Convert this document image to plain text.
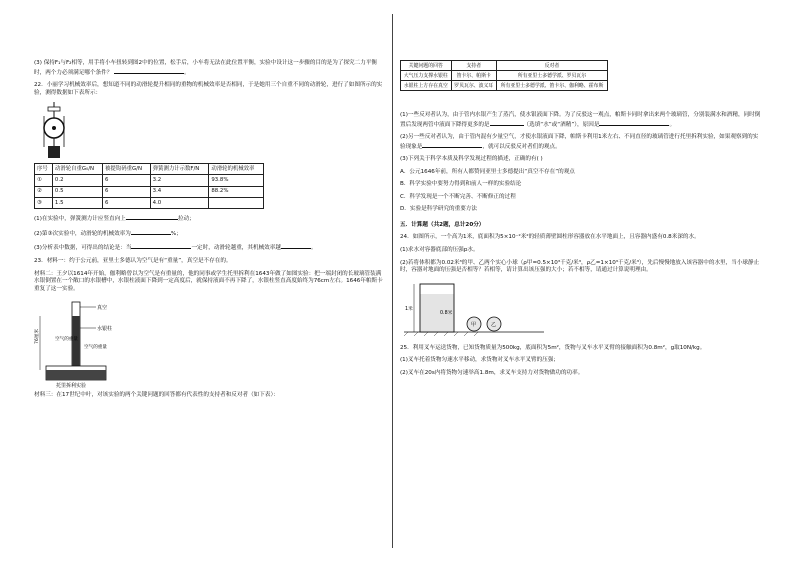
(3) 保持F₁与F₂相等，用手将小车扭转到图2中的位置，松手后，小车将无法在此位置平衡，实验中设计这一步骤的目的是为了探究二力平衡时，两个力必须满足哪个条件？	。

22．小丽学习机械效率后，想知道不同的动滑轮提升相同的重物的机械效率是否相同，于是她用三个自重不同的动滑轮，进行了如图所示的实验，测得数据如下表所示：

序号	动滑轮自重G₀/N	被提钩码重G/N	弹簧测力计示数F/N	动滑轮的机械效率
①	0.2	6	3.2	93.8%
②	0.5	6	3.4	88.2%
③	1.5	6	4.0	

(1)在实验中，弹簧测力计应竖直向上	拉动；

(2)第③次实验中，动滑轮的机械效率为	%；

(3)分析表中数据，可得出的结论是：当	一定时，动滑轮越重，其机械效率越	。

23．材料一：约于公元前，亚里士多德认为空气是有“重量”，真空是不存在的。

材料二：王夕以1614年开始，伽利略曾以为空气是有重量的，他的同事或学生托里拆利在1643年做了如图实验：把一端封闭的长玻璃管装满水银倒置在一个敞口的水银槽中，水银柱液面下降到一定高度后，就保持液面不再下降了，水银柱竖直高度始终为76cm左右。1646年帕斯卡重复了这一实验。

真空
水银柱
空气的重量
空气的重量
76厘米
托里拆利实验

材料三：在17世纪中叶，对该实验的两个关键问题的回答都有代表性的支持者和反对者（如下表）：

关键问题的回答	支持者	反对者
大气压力支撑水银柱	笛卡尔、帕斯卡	所有亚里士多德学派、罗贝瓦尔
水银柱上方存在真空	罗贝瓦尔、波义耳	所有亚里士多德学派、笛卡尔、伽利略、霍布斯

(1)一些反对者认为，由于管内水银产生了蒸汽，使水银液面下降。为了反驳这一观点，帕斯卡同时拿出来两个玻璃管，分别装满水和酒精，同时倒置后发现两管中液面下降得更多的是	（选填“水”或“酒精”），原因是	。

(2)另一些反对者认为，由于管内混有少量空气，才使水银液面下降，帕斯卡利用1米左右、不同直径的玻璃管进行托里拆利实验，如果观察到的实验现象是	，就可以反驳反对者们的观点。

(3)下列关于科学本质及科学发现过程的描述，正确的有( )

A．公元1646年前，所有人都赞同亚里士多德提出“真空不存在”的观点

B．科学实验中要努力得到和前人一样的实验结论

C．科学发现是一个不断完善、不断修正的过程

D．实验是科学研究的重要方法

五．计算题（共2题，总计20分）

24．如图所示，一个高为1米，底面积为5×10⁻²米²的轻质薄壁圆柱形容器放在水平地面上，且容器内盛有0.8米深的水。

(1)求水对容器底部的压强p水。

(2)若将体积都为0.02米³的甲、乙两个实心小球（ρ甲=0.5×10³千克/米³，ρ乙=1×10³千克/米³），先后慢慢地放入该容器中的水里，当小球静止时，容器对地面的压强是否相等？若相等，请计算出该压强的大小；若不相等，请通过计算说明理由。

1米
0.8米
甲	乙

25．利用叉车运送货物，已知货物质量为500kg，底面积为5m²，货物与叉车水平叉臂的接触面积为0.8m²，g取10N/kg。

(1)叉车托着货物匀速水平移动，求货物对叉车水平叉臂的压强；

(2)叉车在20s内将货物匀速举高1.8m，求叉车支持力对货物做功的功率。
